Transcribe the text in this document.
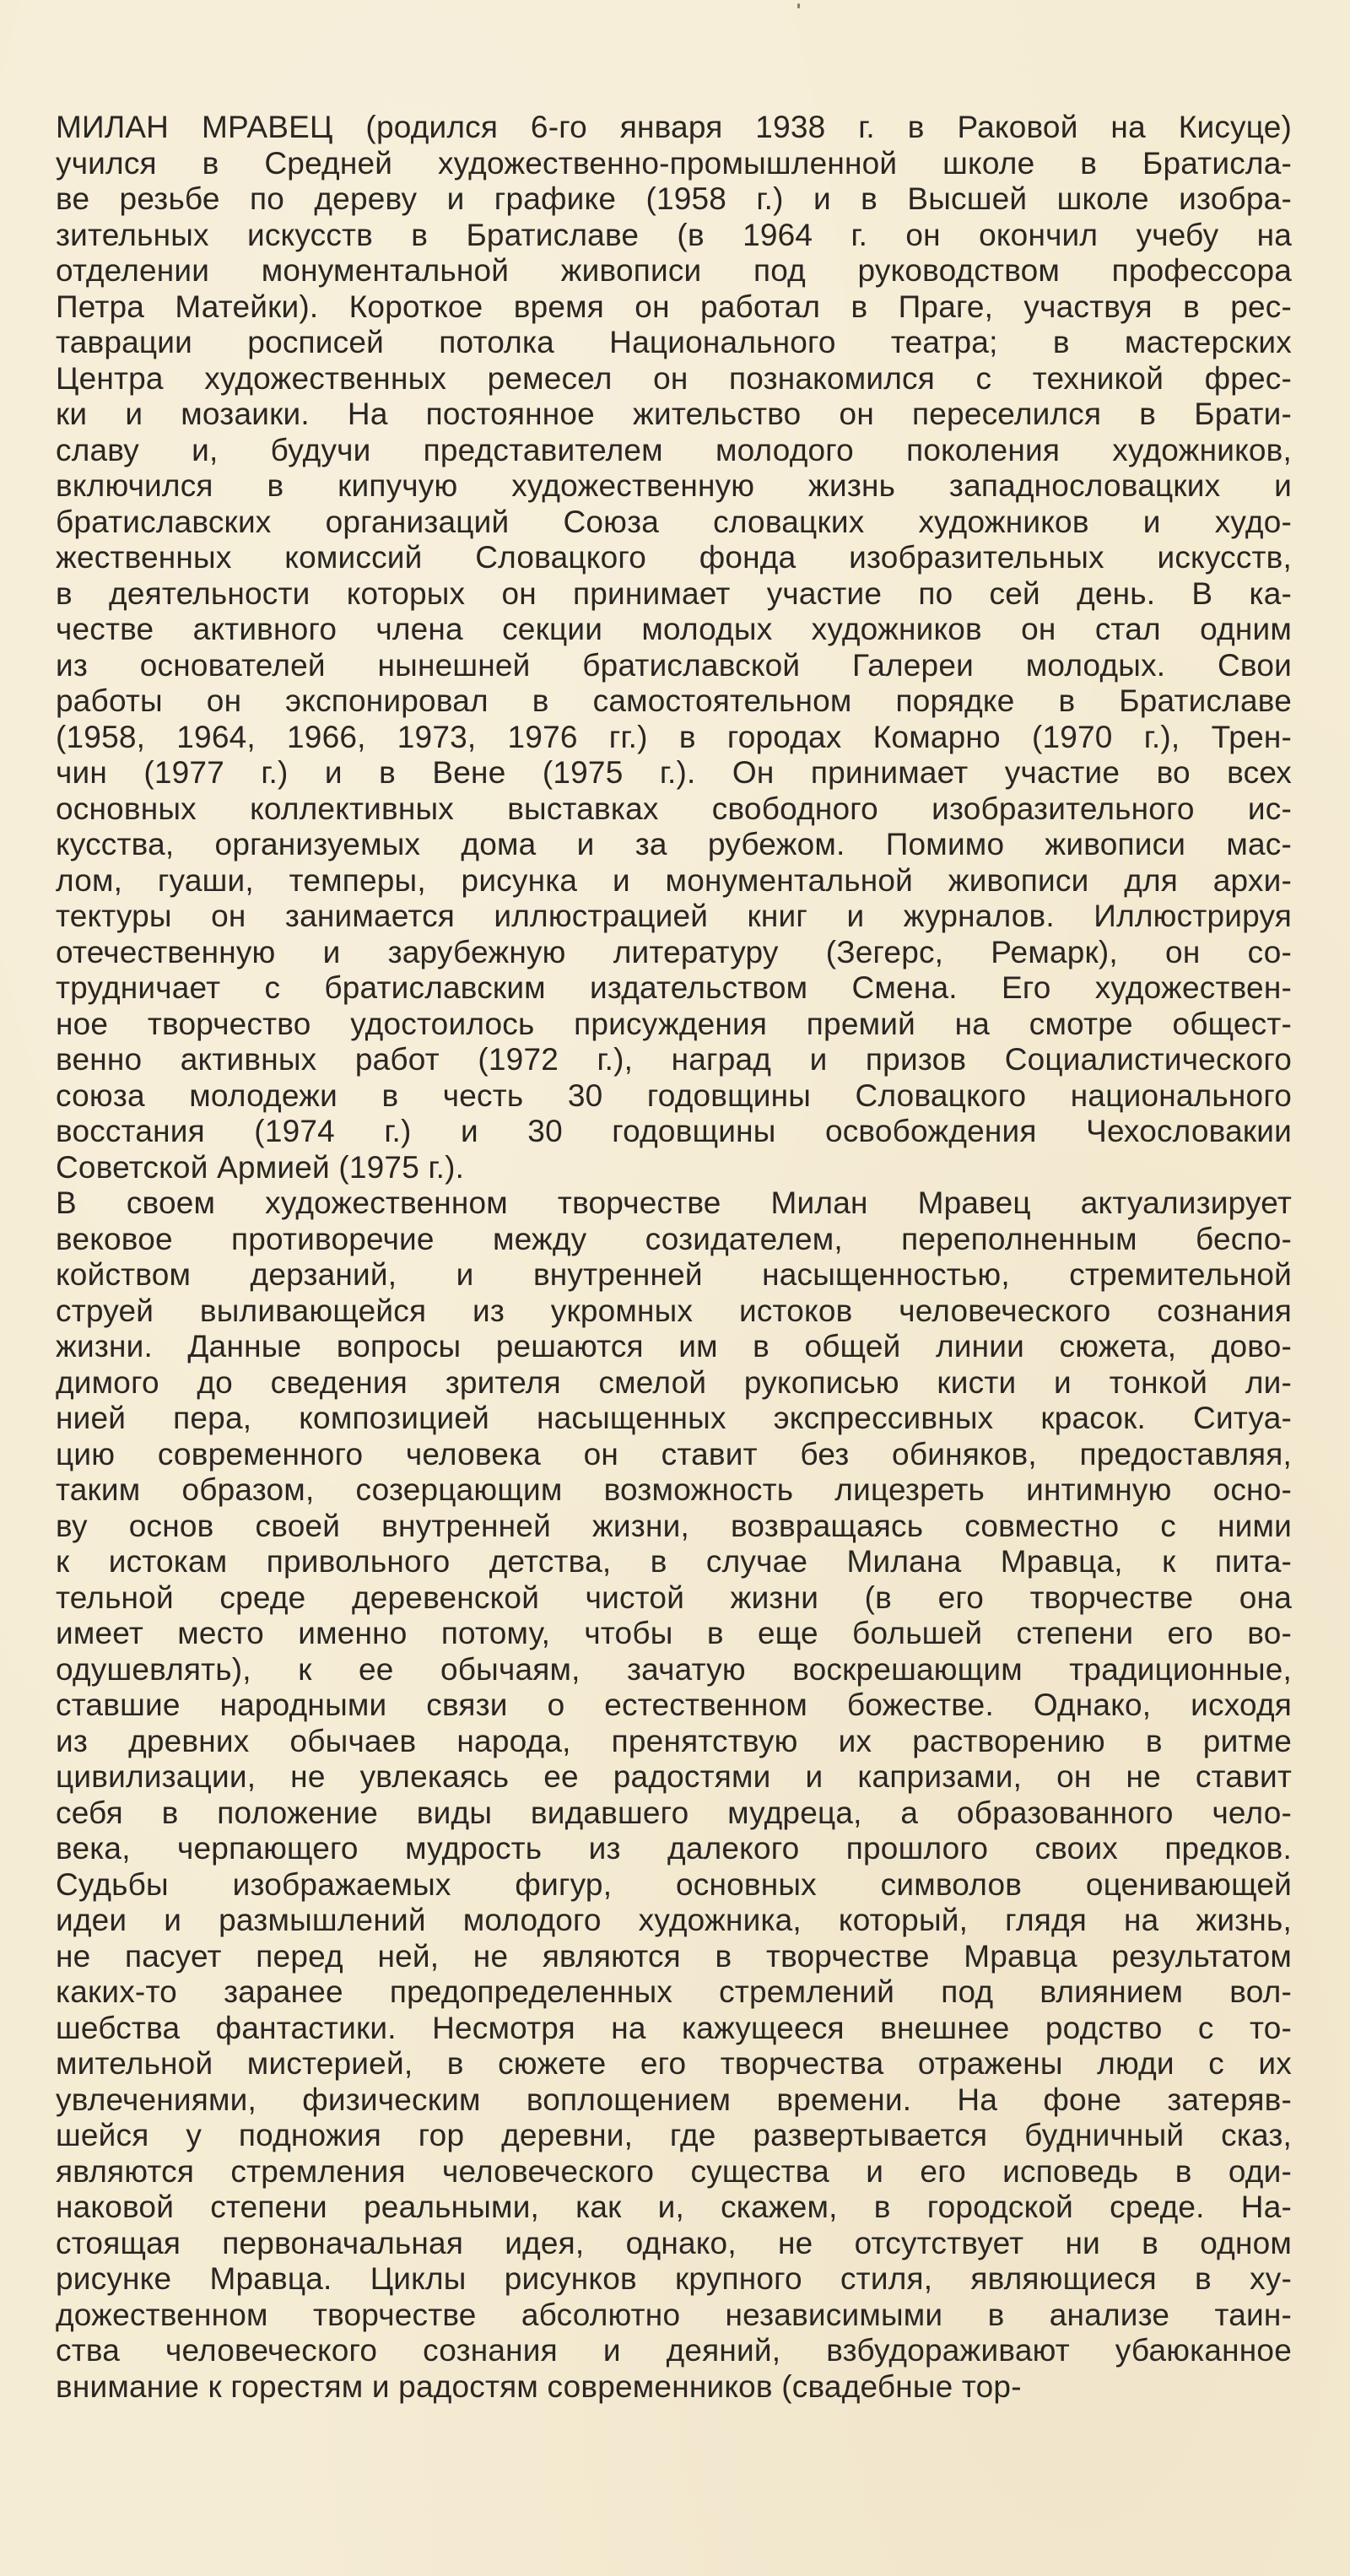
МИЛАН МРАВЕЦ (родился 6-го января 1938 г. в Раковой на Кисуце)
учился в Средней художественно-промышленной школе в Братисла-
ве резьбе по дереву и графике (1958 г.) и в Высшей школе изобра-
зительных искусств в Братиславе (в 1964 г. он окончил учебу на
отделении монументальной живописи под руководством профессора
Петра Матейки). Короткое время он работал в Праге, участвуя в рес-
таврации росписей потолка Национального театра; в мастерских
Центра художественных ремесел он познакомился с техникой фрес-
ки и мозаики. На постоянное жительство он переселился в Брати-
славу и, будучи представителем молодого поколения художников,
включился в кипучую художественную жизнь западнословацких и
братиславских организаций Союза словацких художников и худо-
жественных комиссий Словацкого фонда изобразительных искусств,
в деятельности которых он принимает участие по сей день. В ка-
честве активного члена секции молодых художников он стал одним
из основателей нынешней братиславской Галереи молодых. Свои
работы он экспонировал в самостоятельном порядке в Братиславе
(1958, 1964, 1966, 1973, 1976 гг.) в городах Комарно (1970 г.), Трен-
чин (1977 г.) и в Вене (1975 г.). Он принимает участие во всех
основных коллективных выставках свободного изобразительного ис-
кусства, организуемых дома и за рубежом. Помимо живописи мас-
лом, гуаши, темперы, рисунка и монументальной живописи для архи-
тектуры он занимается иллюстрацией книг и журналов. Иллюстрируя
отечественную и зарубежную литературу (Зегерс, Ремарк), он со-
трудничает с братиславским издательством Смена. Его художествен-
ное творчество удостоилось присуждения премий на смотре общест-
венно активных работ (1972 г.), наград и призов Социалистического
союза молодежи в честь 30 годовщины Словацкого национального
восстания (1974 г.) и 30 годовщины освобождения Чехословакии
Советской Армией (1975 г.).
В своем художественном творчестве Милан Мравец актуализирует
вековое противоречие между созидателем, переполненным беспо-
койством дерзаний, и внутренней насыщенностью, стремительной
струей выливающейся из укромных истоков человеческого сознания
жизни. Данные вопросы решаются им в общей линии сюжета, дово-
димого до сведения зрителя смелой рукописью кисти и тонкой ли-
нией пера, композицией насыщенных экспрессивных красок. Ситуа-
цию современного человека он ставит без обиняков, предоставляя,
таким образом, созерцающим возможность лицезреть интимную осно-
ву основ своей внутренней жизни, возвращаясь совместно с ними
к истокам привольного детства, в случае Милана Мравца, к пита-
тельной среде деревенской чистой жизни (в его творчестве она
имеет место именно потому, чтобы в еще большей степени его во-
одушевлять), к ее обычаям, зачатую воскрешающим традиционные,
ставшие народными связи о естественном божестве. Однако, исходя
из древних обычаев народа, пренятствую их растворению в ритме
цивилизации, не увлекаясь ее радостями и капризами, он не ставит
себя в положение виды видавшего мудреца, а образованного чело-
века, черпающего мудрость из далекого прошлого своих предков.
Судьбы изображаемых фигур, основных символов оценивающей
идеи и размышлений молодого художника, который, глядя на жизнь,
не пасует перед ней, не являются в творчестве Мравца результатом
каких-то заранее предопределенных стремлений под влиянием вол-
шебства фантастики. Несмотря на кажущееся внешнее родство с то-
мительной мистерией, в сюжете его творчества отражены люди с их
увлечениями, физическим воплощением времени. На фоне затеряв-
шейся у подножия гор деревни, где развертывается будничный сказ,
являются стремления человеческого существа и его исповедь в оди-
наковой степени реальными, как и, скажем, в городской среде. На-
стоящая первоначальная идея, однако, не отсутствует ни в одном
рисунке Мравца. Циклы рисунков крупного стиля, являющиеся в ху-
дожественном творчестве абсолютно независимыми в анализе таин-
ства человеческого сознания и деяний, взбудораживают убаюканное
внимание к горестям и радостям современников (свадебные тор-
